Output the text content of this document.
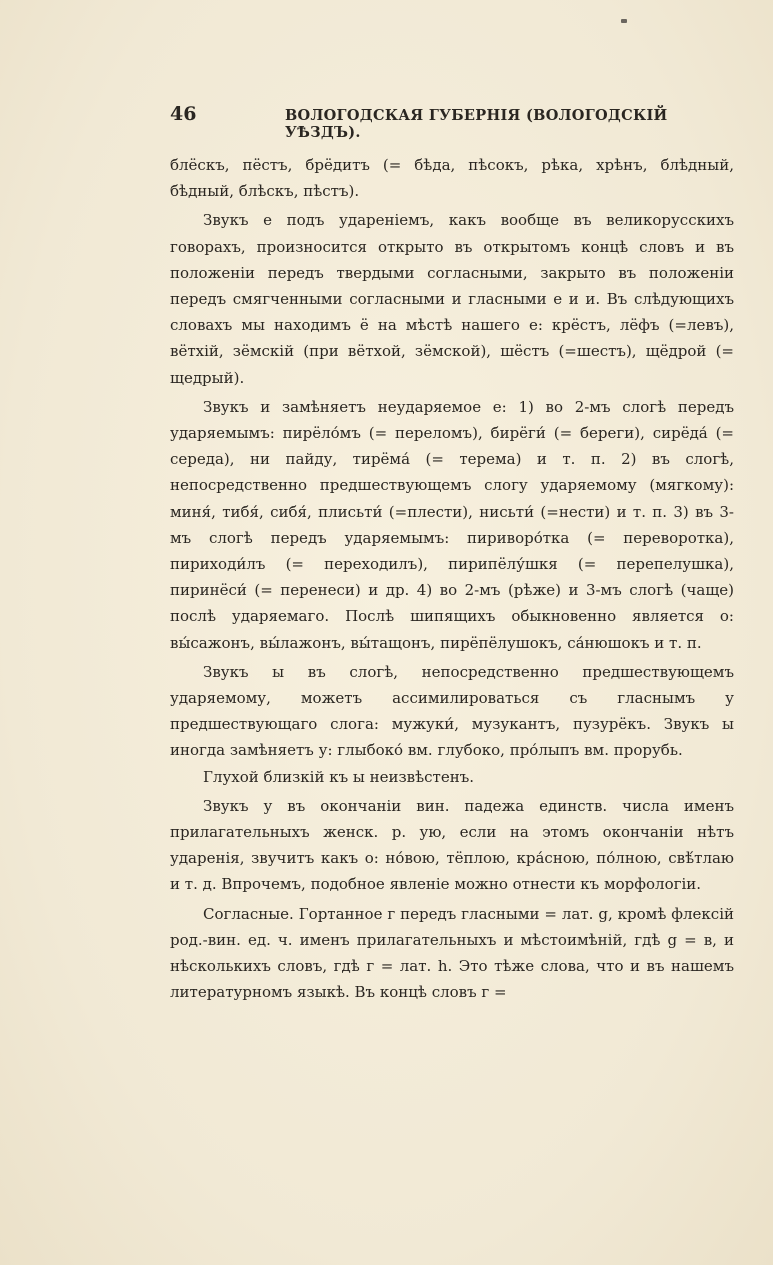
46	ВОЛОГОДСКАЯ ГУБЕРНІЯ (ВОЛОГОДСКІЙ УѢЗДЪ).

блёскъ, пёстъ, брёдитъ (= бѣда, пѣсокъ, рѣка, хрѣнъ, блѣдный, бѣдный, блѣскъ, пѣстъ).

Звукъ е подъ удареніемъ, какъ вообще въ великорусскихъ говорахъ, произносится открыто въ открытомъ концѣ словъ и въ положеніи передъ твердыми согласными, закрыто въ положеніи передъ смягченными согласными и гласными е и и. Въ слѣдующихъ словахъ мы находимъ ё на мѣстѣ нашего е: крёстъ, лёфъ (=левъ), вётхій, зёмскій (при вётхой, зёмской), шёстъ (=шестъ), щёдрой (= щедрый).

Звукъ и замѣняетъ неударяемое е: 1) во 2-мъ слогѣ передъ ударяемымъ: пирёло́мъ (= переломъ), бирёги́ (= береги), сирёда́ (= середа), ни пайду, тирёма́ (= терема) и т. п. 2) въ слогѣ, непосредственно предшествующемъ слогу ударяемому (мягкому): миня́, тибя́, сибя́, плисьти́ (=плести), нисьти́ (=нести) и т. п. 3) въ 3-мъ слогѣ передъ ударяемымъ: пириворо́тка (= переворотка), пириходи́лъ (= переходилъ), пирипёлу́шкя (= перепелушка), пиринёси́ (= перенеси) и др. 4) во 2-мъ (рѣже) и 3-мъ слогѣ (чаще) послѣ ударяемаго. Послѣ шипящихъ обыкновенно является о: вы́сажонъ, вы́лажонъ, вы́тащонъ, пирёпёлушокъ, са́нюшокъ и т. п.

Звукъ ы въ слогѣ, непосредственно предшествующемъ ударяемому, можетъ ассимилироваться съ гласнымъ у предшествующаго слога: мужуки́, музукантъ, пузурёкъ. Звукъ ы иногда замѣняетъ у: глыбоко́ вм. глубоко, про́лыпъ вм. прорубь.

Глухой близкій къ ы неизвѣстенъ.

Звукъ у въ окончаніи вин. падежа единств. числа именъ прилагательныхъ женск. р. ую, если на этомъ окончаніи нѣтъ ударенія, звучитъ какъ о: но́вою, тёплою, кра́сною, по́лною, свѣ́тлаю и т. д. Впрочемъ, подобное явленіе можно отнести къ морфологіи.

Согласные. Гортанное г передъ гласными = лат. g, кромѣ флексій род.-вин. ед. ч. именъ прилагательныхъ и мѣстоимѣній, гдѣ g = в, и нѣсколькихъ словъ, гдѣ г = лат. h. Это тѣже слова, что и въ нашемъ литературномъ языкѣ. Въ концѣ словъ г =
